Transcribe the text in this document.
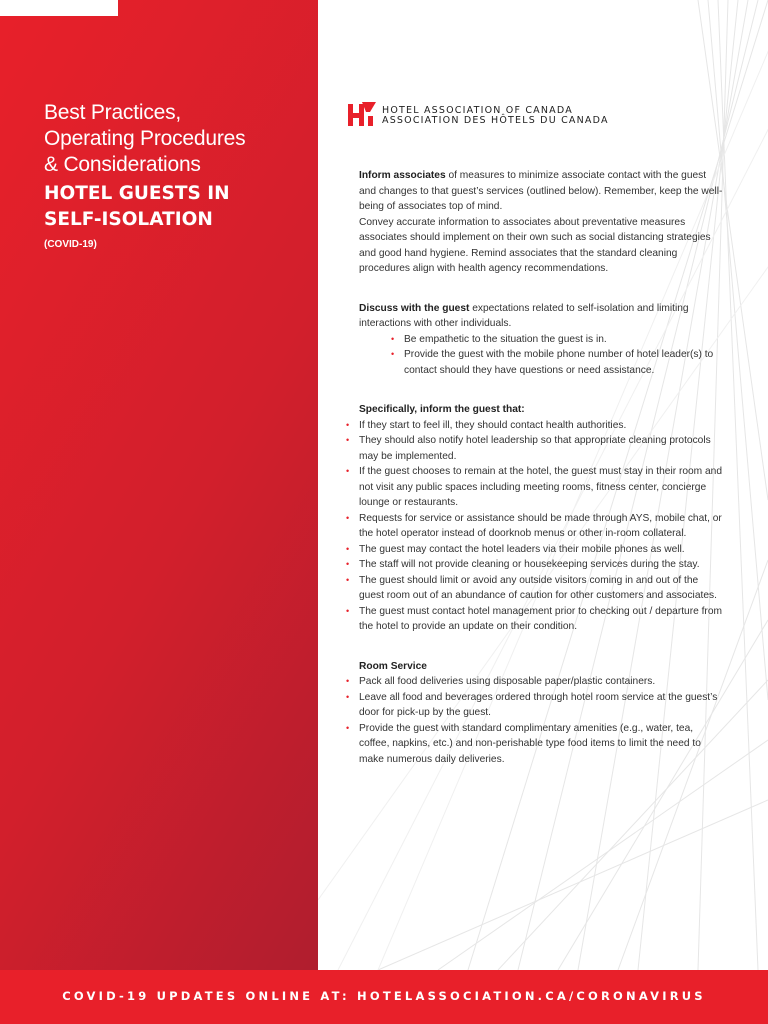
Best Practices,
Operating Procedures
& Considerations
HOTEL GUESTS IN
SELF-ISOLATION
(COVID-19)
HOTEL ASSOCIATION OF CANADA
ASSOCIATION DES HÔTELS DU CANADA

Inform associates of measures to minimize associate contact with the guest and changes to that guest’s services (outlined below). Remember, keep the well-being of associates top of mind.

Convey accurate information to associates about preventative measures associates should implement on their own such as social distancing strategies and good hand hygiene. Remind associates that the standard cleaning procedures align with health agency recommendations.

Discuss with the guest expectations related to self-isolation and limiting interactions with other individuals.

• Be empathetic to the situation the guest is in.
• Provide the guest with the mobile phone number of hotel leader(s) to contact should they have questions or need assistance.

Specifically, inform the guest that:

• If they start to feel ill, they should contact health authorities.
• They should also notify hotel leadership so that appropriate cleaning protocols may be implemented.
• If the guest chooses to remain at the hotel, the guest must stay in their room and not visit any public spaces including meeting rooms, fitness center, concierge lounge or restaurants.
• Requests for service or assistance should be made through AYS, mobile chat, or the hotel operator instead of doorknob menus or other in-room collateral.
• The guest may contact the hotel leaders via their mobile phones as well.
• The staff will not provide cleaning or housekeeping services during the stay.
• The guest should limit or avoid any outside visitors coming in and out of the guest room out of an abundance of caution for other customers and associates.
• The guest must contact hotel management prior to checking out / departure from the hotel to provide an update on their condition.

Room Service

• Pack all food deliveries using disposable paper/plastic containers.
• Leave all food and beverages ordered through hotel room service at the guest’s door for pick-up by the guest.
• Provide the guest with standard complimentary amenities (e.g., water, tea, coffee, napkins, etc.) and non-perishable type food items to limit the need to make numerous daily deliveries.
COVID-19 UPDATES ONLINE AT: HOTELASSOCIATION.CA/CORONAVIRUS
